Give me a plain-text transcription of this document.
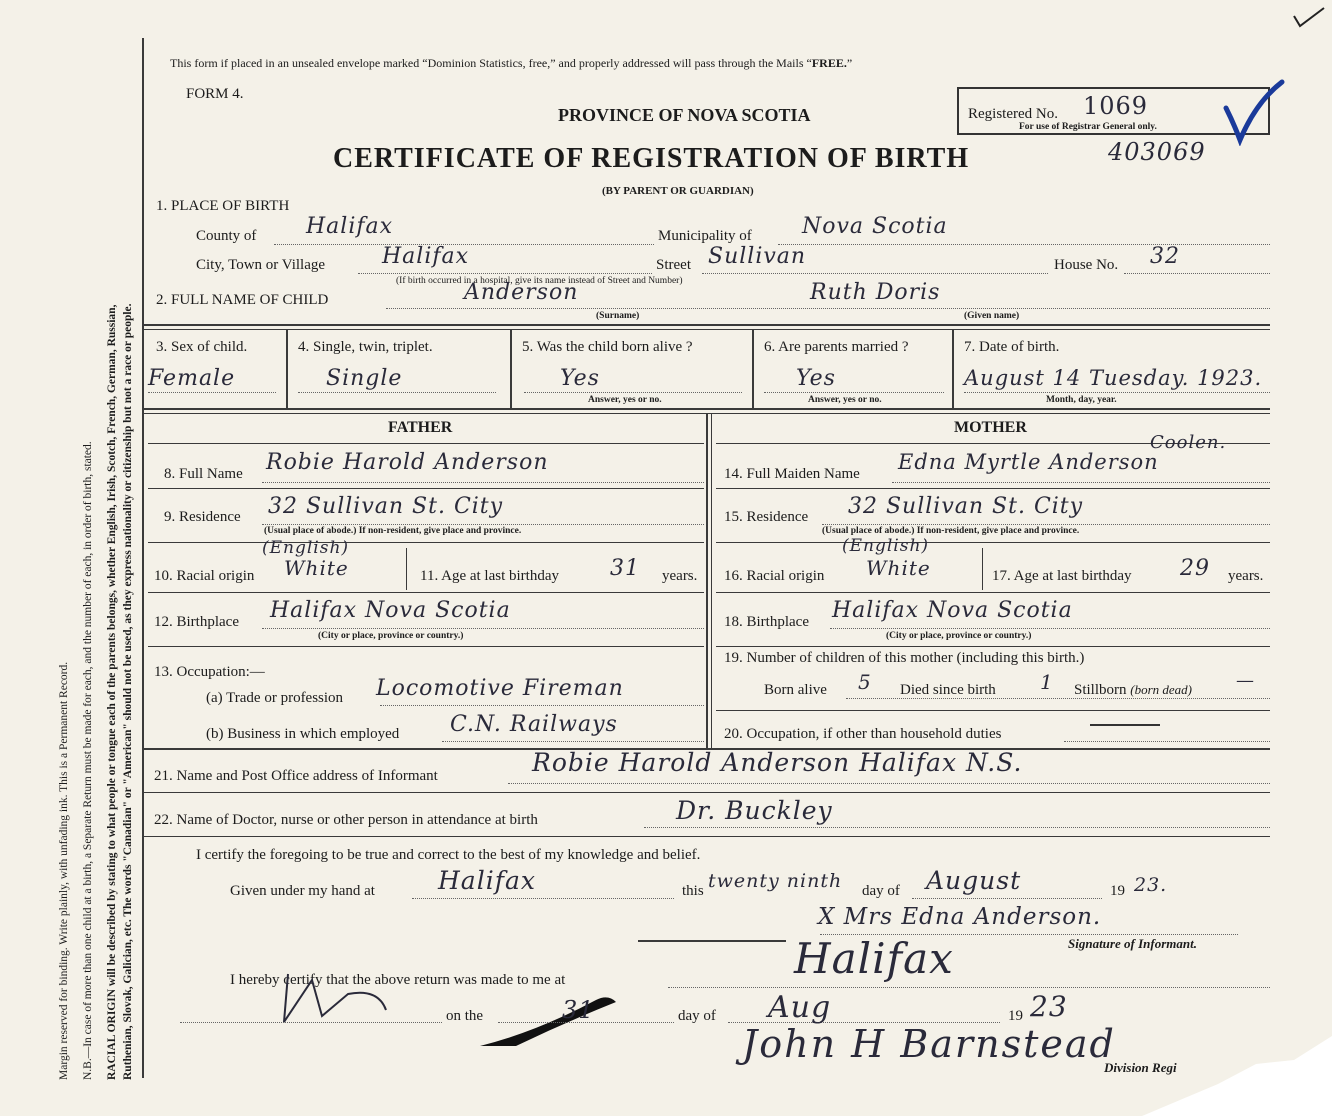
Margin reserved for binding. Write plainly, with unfading ink. This is a Permanent Record. N.B.—In case of more than one child at a birth, a Separate Return must be made for each, and the number of each, in order of birth, stated. RACIAL ORIGIN will be described by stating to what people or tongue each of the parents belongs, whether English, Irish, Scotch, French, German, Russian, Ruthenian, Slovak, Galician, etc. The words "Canadian" or "American" should not be used, as they express nationality or citizenship but not a race or people.
This form if placed in an unsealed envelope marked “Dominion Statistics, free,” and properly addressed will pass through the Mails “FREE.”
FORM 4.
PROVINCE OF NOVA SCOTIA
CERTIFICATE OF REGISTRATION OF BIRTH
(BY PARENT OR GUARDIAN)
Registered No. 1069
For use of Registrar General only.
403069
1. PLACE OF BIRTH
County of Halifax	Municipality of Nova Scotia
City, Town or Village	Halifax
(If birth occurred in a hospital, give its name instead of Street and Number)
Street Sullivan	House No. 32
2. FULL NAME OF CHILD	Anderson	Ruth Doris
(Surname)	(Given name)
3. Sex of child.
Female
4. Single, twin, triplet.
Single
5. Was the child born alive ?
Yes
Answer, yes or no.
6. Are parents married ?
Yes
Answer, yes or no.
7. Date of birth.
August 14 Tuesday. 1923.
Month, day, year.
FATHER	MOTHER
8. Full Name Robie Harold Anderson	14. Full Maiden Name Edna Myrtle Anderson
Coolen.
9. Residence 32 Sullivan St. City
(Usual place of abode.) If non-resident, give place and province.
15. Residence 32 Sullivan St. City
(Usual place of abode.) If non-resident, give place and province.
10. Racial origin White
(English)
11. Age at last birthday 31 years. 16. Racial origin White
(English)
17. Age at last birthday 29 years.
12. Birthplace Halifax Nova Scotia
(City or place, province or country.)
18. Birthplace Halifax Nova Scotia
(City or place, province or country.)
13. Occupation:—
(a) Trade or profession Locomotive Fireman
(b) Business in which employed C.N. Railways
19. Number of children of this mother (including this birth.)
Born alive 5 Died since birth 1 Stillborn (born dead) —
20. Occupation, if other than household duties
21. Name and Post Office address of Informant	Robie Harold Anderson Halifax N.S.
22. Name of Doctor, nurse or other person in attendance at birth	Dr. Buckley
I certify the foregoing to be true and correct to the best of my knowledge and belief.
Given under my hand at	Halifax	this twenty ninth day of August	19 23.
X Mrs Edna Anderson.
Signature of Informant.
I hereby certify that the above return was made to me at	Halifax
on the	31	day of Aug	19 23
John H Barnstead
Division Regi
